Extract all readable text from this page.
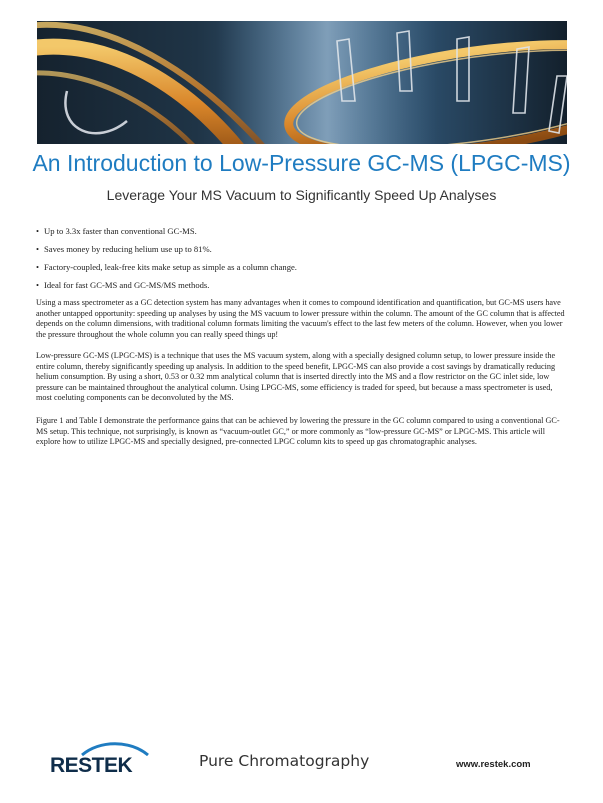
An Introduction to Low-Pressure GC-MS (LPGC-MS)
Leverage Your MS Vacuum to Significantly Speed Up Analyses
• Up to 3.3x faster than conventional GC-MS.
• Saves money by reducing helium use up to 81%.
• Factory-coupled, leak-free kits make setup as simple as a column change.
• Ideal for fast GC-MS and GC-MS/MS methods.

Using a mass spectrometer as a GC detection system has many advantages when it comes to compound identification and quantification, but GC-MS users have another untapped opportunity: speeding up analyses by using the MS vacuum to lower pressure within the column. The amount of the GC column that is affected depends on the column dimensions, with traditional column formats limiting the vacuum's effect to the last few meters of the column. However, when you lower the pressure throughout the whole column you can really speed things up!

Low-pressure GC-MS (LPGC-MS) is a technique that uses the MS vacuum system, along with a specially designed column setup, to lower pressure inside the entire column, thereby significantly speeding up analysis. In addition to the speed benefit, LPGC-MS can also provide a cost savings by dramatically reducing helium consumption. By using a short, 0.53 or 0.32 mm analytical column that is inserted directly into the MS and a flow restrictor on the GC inlet side, low pressure can be maintained throughout the analytical column. Using LPGC-MS, some efficiency is traded for speed, but because a mass spectrometer is used, most coeluting components can be deconvoluted by the MS.

Figure 1 and Table I demonstrate the performance gains that can be achieved by lowering the pressure in the GC column compared to using a conventional GC-MS setup. This technique, not surprisingly, is known as “vacuum-outlet GC,” or more commonly as “low-pressure GC-MS” or LPGC-MS. This article will explore how to utilize LPGC-MS and specially designed, pre-connected LPGC column kits to speed up gas chromatographic analyses.

RESTEK	Pure Chromatography	www.restek.com
